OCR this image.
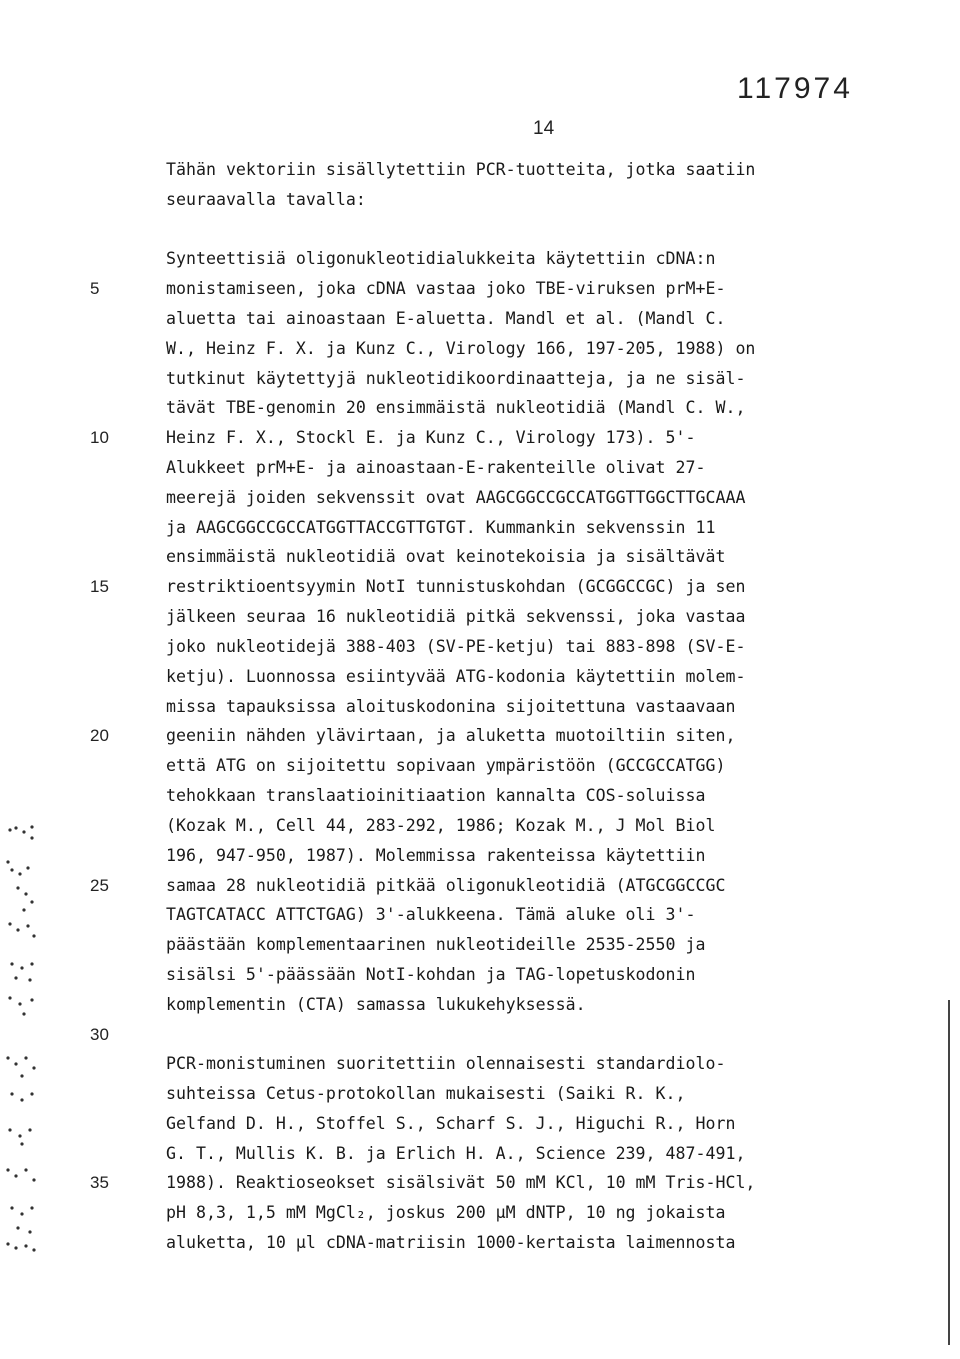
117974
14
Tähän vektoriin sisällytettiin PCR-tuotteita, jotka saatiin
seuraavalla tavalla:
Synteettisiä oligonukleotidialukkeita käytettiin cDNA:n
monistamiseen, joka cDNA vastaa joko TBE-viruksen prM+E-
aluetta tai ainoastaan E-aluetta. Mandl et al. (Mandl C.
W., Heinz F. X. ja Kunz C., Virology 166, 197-205, 1988) on
tutkinut käytettyjä nukleotidikoordinaatteja, ja ne sisäl-
tävät TBE-genomin 20 ensimmäistä nukleotidiä (Mandl C. W.,
Heinz F. X., Stockl E. ja Kunz C., Virology 173). 5'-
Alukkeet prM+E- ja ainoastaan-E-rakenteille olivat 27-
meerejä joiden sekvenssit ovat AAGCGGCCGCCATGGTTGGCTTGCAAA
ja AAGCGGCCGCCATGGTTACCGTTGTGT. Kummankin sekvenssin 11
ensimmäistä nukleotidiä ovat keinotekoisia ja sisältävät
restriktioentsyymin NotI tunnistuskohdan (GCGGCCGC) ja sen
jälkeen seuraa 16 nukleotidiä pitkä sekvenssi, joka vastaa
joko nukleotidejä 388-403 (SV-PE-ketju) tai 883-898 (SV-E-
ketju). Luonnossa esiintyvää ATG-kodonia käytettiin molem-
missa tapauksissa aloituskodonina sijoitettuna vastaavaan
geeniin nähden ylävirtaan, ja aluketta muotoiltiin siten,
että ATG on sijoitettu sopivaan ympäristöön (GCCGCCATGG)
tehokkaan translaatioinitiaation kannalta COS-soluissa
(Kozak M., Cell 44, 283-292, 1986; Kozak M., J Mol Biol
196, 947-950, 1987). Molemmissa rakenteissa käytettiin
samaa 28 nukleotidiä pitkää oligonukleotidiä (ATGCGGCCGC
TAGTCATACC ATTCTGAG) 3'-alukkeena. Tämä aluke oli 3'-
päästään komplementaarinen nukleotideille 2535-2550 ja
sisälsi 5'-päässään NotI-kohdan ja TAG-lopetuskodonin
komplementin (CTA) samassa lukukehyksessä.
PCR-monistuminen suoritettiin olennaisesti standardiolo-
suhteissa Cetus-protokollan mukaisesti (Saiki R. K.,
Gelfand D. H., Stoffel S., Scharf S. J., Higuchi R., Horn
G. T., Mullis K. B. ja Erlich H. A., Science 239, 487-491,
1988). Reaktioseokset sisälsivät 50 mM KCl, 10 mM Tris-HCl,
pH 8,3, 1,5 mM MgCl₂, joskus 200 µM dNTP, 10 ng jokaista
aluketta, 10 µl cDNA-matriisin 1000-kertaista laimennosta
5
10
15
20
25
30
35
